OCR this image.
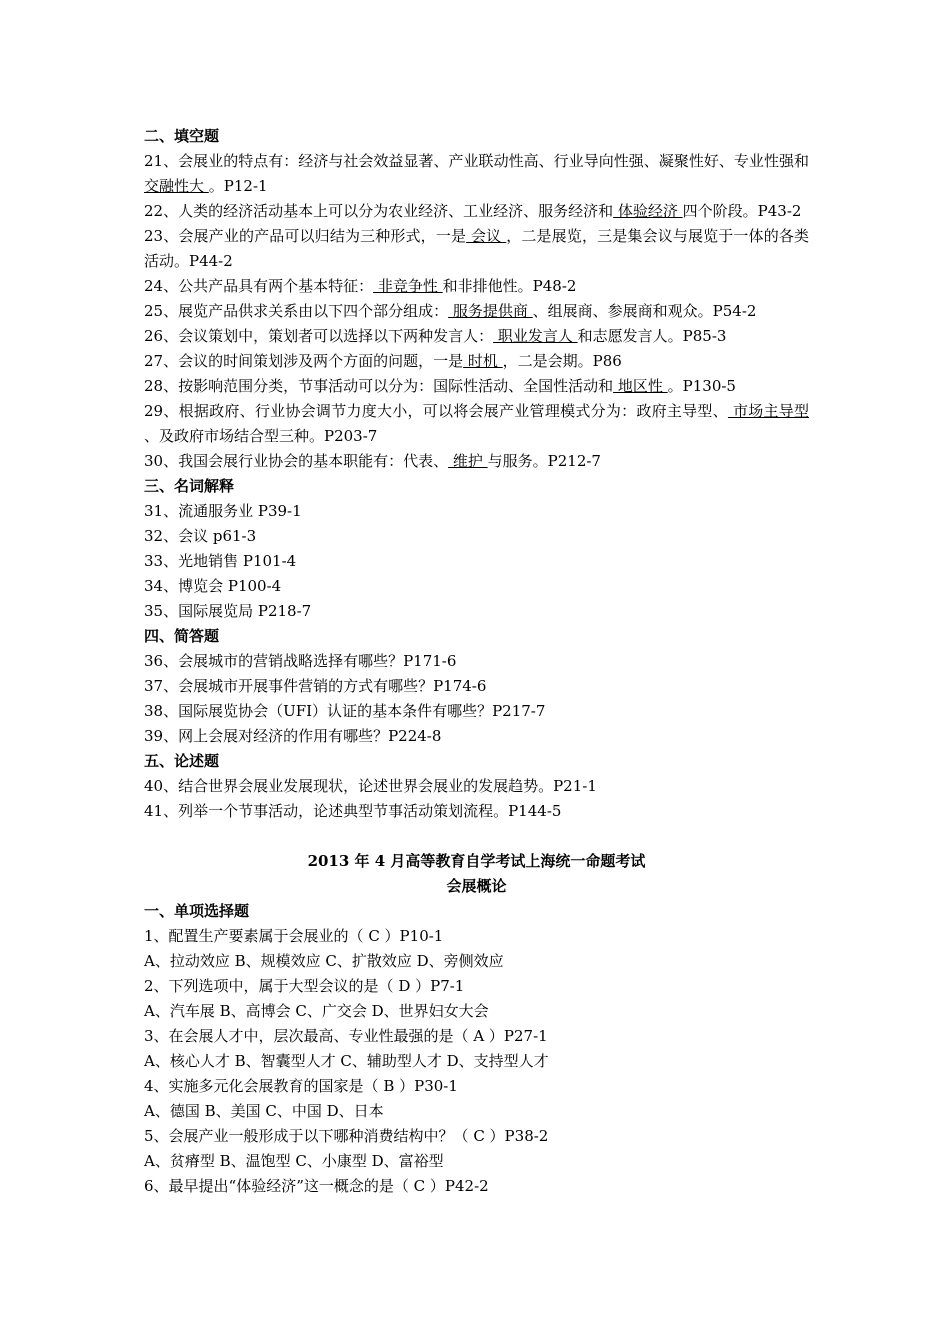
二、填空题
21、会展业的特点有：经济与社会效益显著、产业联动性高、行业导向性强、凝聚性好、专业性强和 交融性大 。P12-1
22、人类的经济活动基本上可以分为农业经济、工业经济、服务经济和 体验经济 四个阶段。P43-2
23、会展产业的产品可以归结为三种形式，一是 会议 ，二是展览，三是集会议与展览于一体的各类活动。P44-2
24、公共产品具有两个基本特征： 非竞争性 和非排他性。P48-2
25、展览产品供求关系由以下四个部分组成： 服务提供商 、组展商、参展商和观众。P54-2
26、会议策划中，策划者可以选择以下两种发言人： 职业发言人 和志愿发言人。P85-3
27、会议的时间策划涉及两个方面的问题，一是 时机 ，二是会期。P86
28、按影响范围分类，节事活动可以分为：国际性活动、全国性活动和 地区性 。P130-5
29、根据政府、行业协会调节力度大小，可以将会展产业管理模式分为：政府主导型、 市场主导型 、及政府市场结合型三种。P203-7
30、我国会展行业协会的基本职能有：代表、 维护 与服务。P212-7
三、名词解释
31、流通服务业 P39-1
32、会议 p61-3
33、光地销售 P101-4
34、博览会 P100-4
35、国际展览局 P218-7
四、简答题
36、会展城市的营销战略选择有哪些？P171-6
37、会展城市开展事件营销的方式有哪些？P174-6
38、国际展览协会（UFI）认证的基本条件有哪些？P217-7
39、网上会展对经济的作用有哪些？P224-8
五、论述题
40、结合世界会展业发展现状，论述世界会展业的发展趋势。P21-1
41、列举一个节事活动，论述典型节事活动策划流程。P144-5
2013 年 4 月高等教育自学考试上海统一命题考试
会展概论
一、单项选择题
1、配置生产要素属于会展业的（ C ）P10-1
A、拉动效应 B、规模效应 C、扩散效应 D、旁侧效应
2、下列选项中，属于大型会议的是（ D ）P7-1
A、汽车展 B、高博会 C、广交会 D、世界妇女大会
3、在会展人才中，层次最高、专业性最强的是（ A ）P27-1
A、核心人才 B、智囊型人才 C、辅助型人才 D、支持型人才
4、实施多元化会展教育的国家是（ B ）P30-1
A、德国 B、美国 C、中国 D、日本
5、会展产业一般形成于以下哪种消费结构中？（ C ）P38-2
A、贫瘠型 B、温饱型 C、小康型 D、富裕型
6、最早提出“体验经济”这一概念的是（ C ）P42-2
